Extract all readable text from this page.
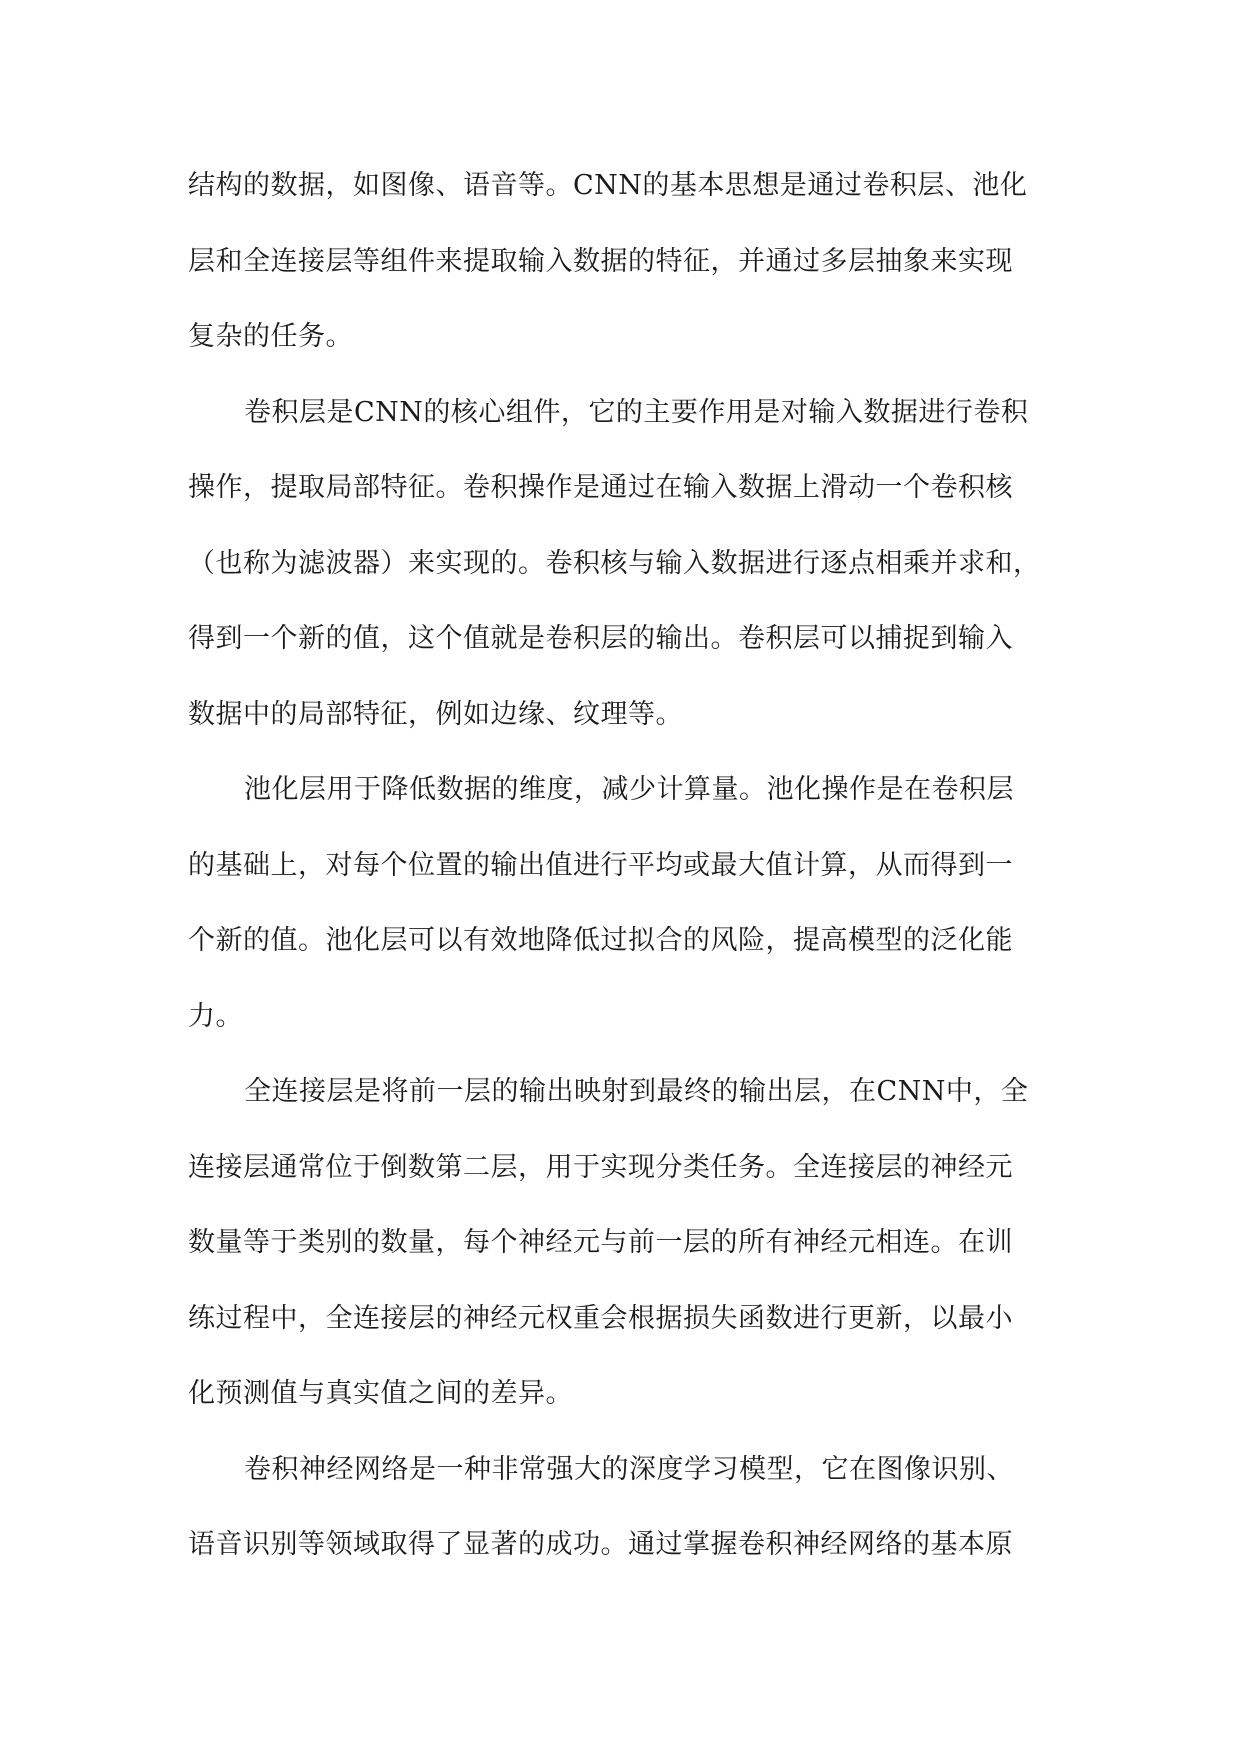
结构的数据，如图像、语音等。CNN的基本思想是通过卷积层、池化
层和全连接层等组件来提取输入数据的特征，并通过多层抽象来实现
复杂的任务。
卷积层是CNN的核心组件，它的主要作用是对输入数据进行卷积
操作，提取局部特征。卷积操作是通过在输入数据上滑动一个卷积核
（也称为滤波器）来实现的。卷积核与输入数据进行逐点相乘并求和，
得到一个新的值，这个值就是卷积层的输出。卷积层可以捕捉到输入
数据中的局部特征，例如边缘、纹理等。
池化层用于降低数据的维度，减少计算量。池化操作是在卷积层
的基础上，对每个位置的输出值进行平均或最大值计算，从而得到一
个新的值。池化层可以有效地降低过拟合的风险，提高模型的泛化能
力。
全连接层是将前一层的输出映射到最终的输出层，在CNN中，全
连接层通常位于倒数第二层，用于实现分类任务。全连接层的神经元
数量等于类别的数量，每个神经元与前一层的所有神经元相连。在训
练过程中，全连接层的神经元权重会根据损失函数进行更新，以最小
化预测值与真实值之间的差异。
卷积神经网络是一种非常强大的深度学习模型，它在图像识别、
语音识别等领域取得了显著的成功。通过掌握卷积神经网络的基本原
